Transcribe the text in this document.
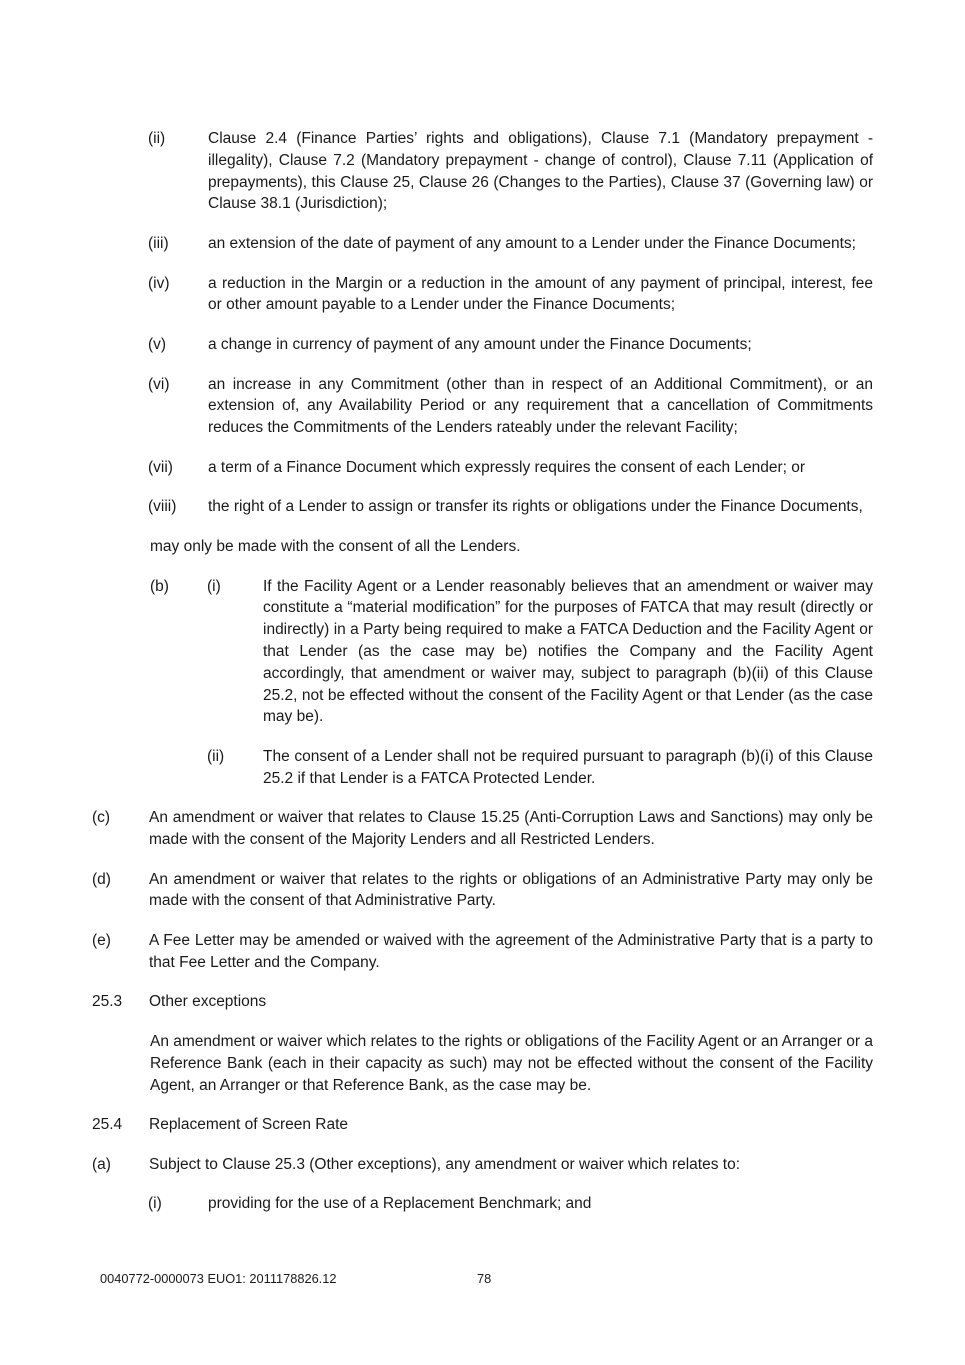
(ii)	Clause 2.4 (Finance Parties’ rights and obligations), Clause 7.1 (Mandatory prepayment - illegality), Clause 7.2 (Mandatory prepayment - change of control), Clause 7.11 (Application of prepayments), this Clause 25, Clause 26 (Changes to the Parties), Clause 37 (Governing law) or Clause 38.1 (Jurisdiction);
(iii)	an extension of the date of payment of any amount to a Lender under the Finance Documents;
(iv)	a reduction in the Margin or a reduction in the amount of any payment of principal, interest, fee or other amount payable to a Lender under the Finance Documents;
(v)	a change in currency of payment of any amount under the Finance Documents;
(vi)	an increase in any Commitment (other than in respect of an Additional Commitment), or an extension of, any Availability Period or any requirement that a cancellation of Commitments reduces the Commitments of the Lenders rateably under the relevant Facility;
(vii)	a term of a Finance Document which expressly requires the consent of each Lender; or
(viii)	the right of a Lender to assign or transfer its rights or obligations under the Finance Documents,
may only be made with the consent of all the Lenders.
(b)	(i)	If the Facility Agent or a Lender reasonably believes that an amendment or waiver may constitute a “material modification” for the purposes of FATCA that may result (directly or indirectly) in a Party being required to make a FATCA Deduction and the Facility Agent or that Lender (as the case may be) notifies the Company and the Facility Agent accordingly, that amendment or waiver may, subject to paragraph (b)(ii) of this Clause 25.2, not be effected without the consent of the Facility Agent or that Lender (as the case may be).
(ii)	The consent of a Lender shall not be required pursuant to paragraph (b)(i) of this Clause 25.2 if that Lender is a FATCA Protected Lender.
(c)	An amendment or waiver that relates to Clause 15.25 (Anti-Corruption Laws and Sanctions) may only be made with the consent of the Majority Lenders and all Restricted Lenders.
(d)	An amendment or waiver that relates to the rights or obligations of an Administrative Party may only be made with the consent of that Administrative Party.
(e)	A Fee Letter may be amended or waived with the agreement of the Administrative Party that is a party to that Fee Letter and the Company.
25.3	Other exceptions
An amendment or waiver which relates to the rights or obligations of the Facility Agent or an Arranger or a Reference Bank (each in their capacity as such) may not be effected without the consent of the Facility Agent, an Arranger or that Reference Bank, as the case may be.
25.4	Replacement of Screen Rate
(a)	Subject to Clause 25.3 (Other exceptions), any amendment or waiver which relates to:
(i)	providing for the use of a Replacement Benchmark; and
0040772-0000073 EUO1: 2011178826.12	78
